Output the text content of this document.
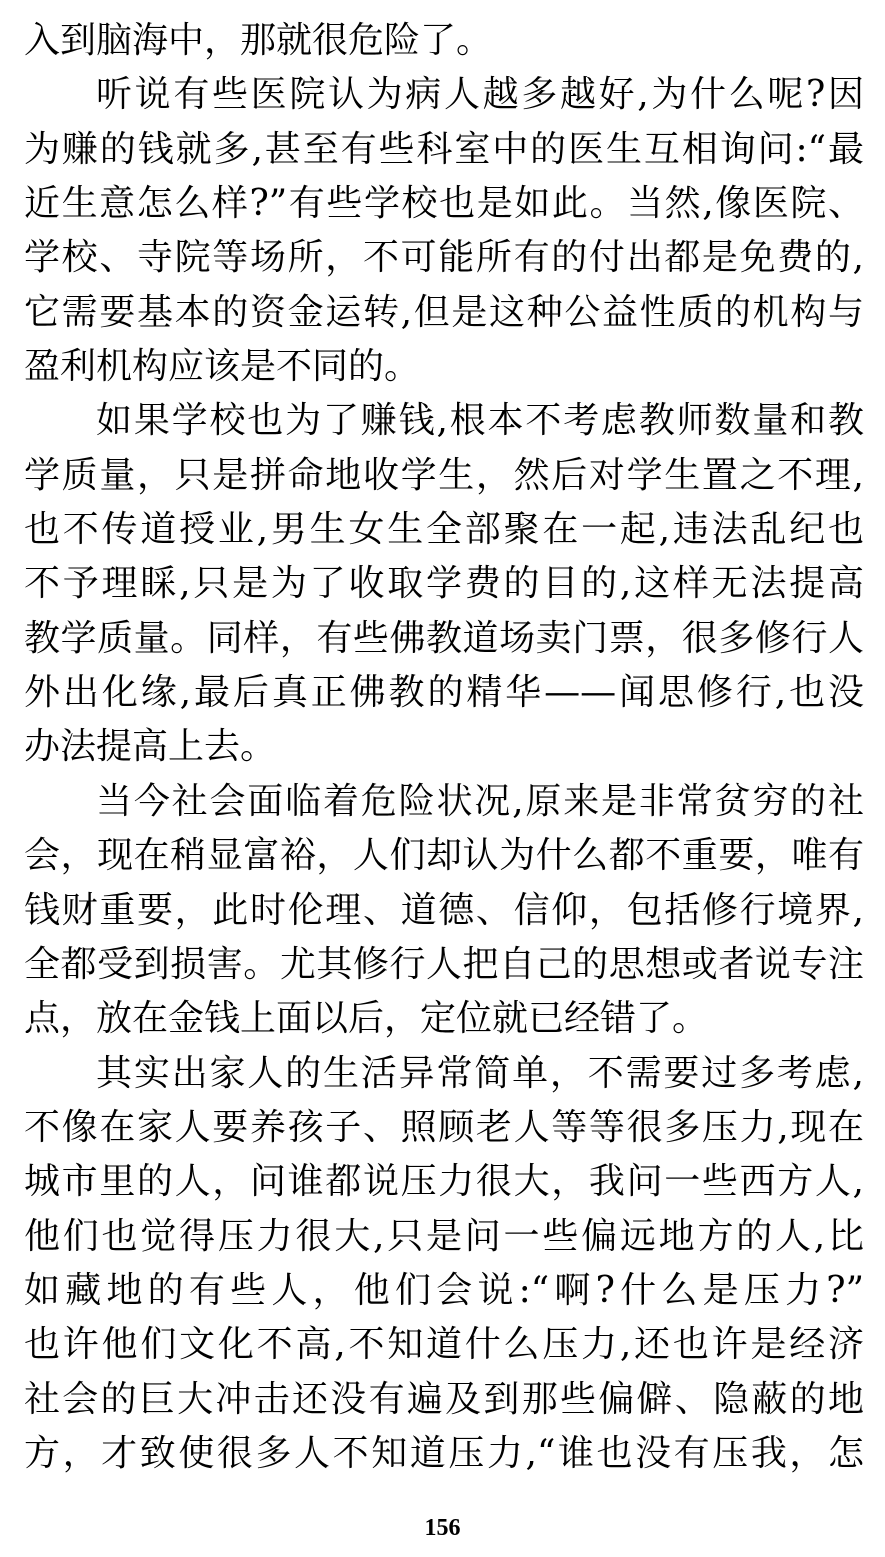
入到脑海中，那就很危险了。
听说有些医院认为病人越多越好,为什么呢?因
为赚的钱就多,甚至有些科室中的医生互相询问:“最
近生意怎么样?”有些学校也是如此。当然,像医院、
学校、寺院等场所，不可能所有的付出都是免费的,
它需要基本的资金运转,但是这种公益性质的机构与
盈利机构应该是不同的。
如果学校也为了赚钱,根本不考虑教师数量和教
学质量，只是拼命地收学生，然后对学生置之不理,
也不传道授业,男生女生全部聚在一起,违法乱纪也
不予理睬,只是为了收取学费的目的,这样无法提高
教学质量。同样，有些佛教道场卖门票，很多修行人
外出化缘,最后真正佛教的精华——闻思修行,也没
办法提高上去。
当今社会面临着危险状况,原来是非常贫穷的社
会，现在稍显富裕，人们却认为什么都不重要，唯有
钱财重要，此时伦理、道德、信仰，包括修行境界,
全都受到损害。尤其修行人把自己的思想或者说专注
点，放在金钱上面以后，定位就已经错了。
其实出家人的生活异常简单，不需要过多考虑,
不像在家人要养孩子、照顾老人等等很多压力,现在
城市里的人，问谁都说压力很大，我问一些西方人,
他们也觉得压力很大,只是问一些偏远地方的人,比
如藏地的有些人，他们会说:“啊?什么是压力?”
也许他们文化不高,不知道什么压力,还也许是经济
社会的巨大冲击还没有遍及到那些偏僻、隐蔽的地
方，才致使很多人不知道压力,“谁也没有压我，怎
156
